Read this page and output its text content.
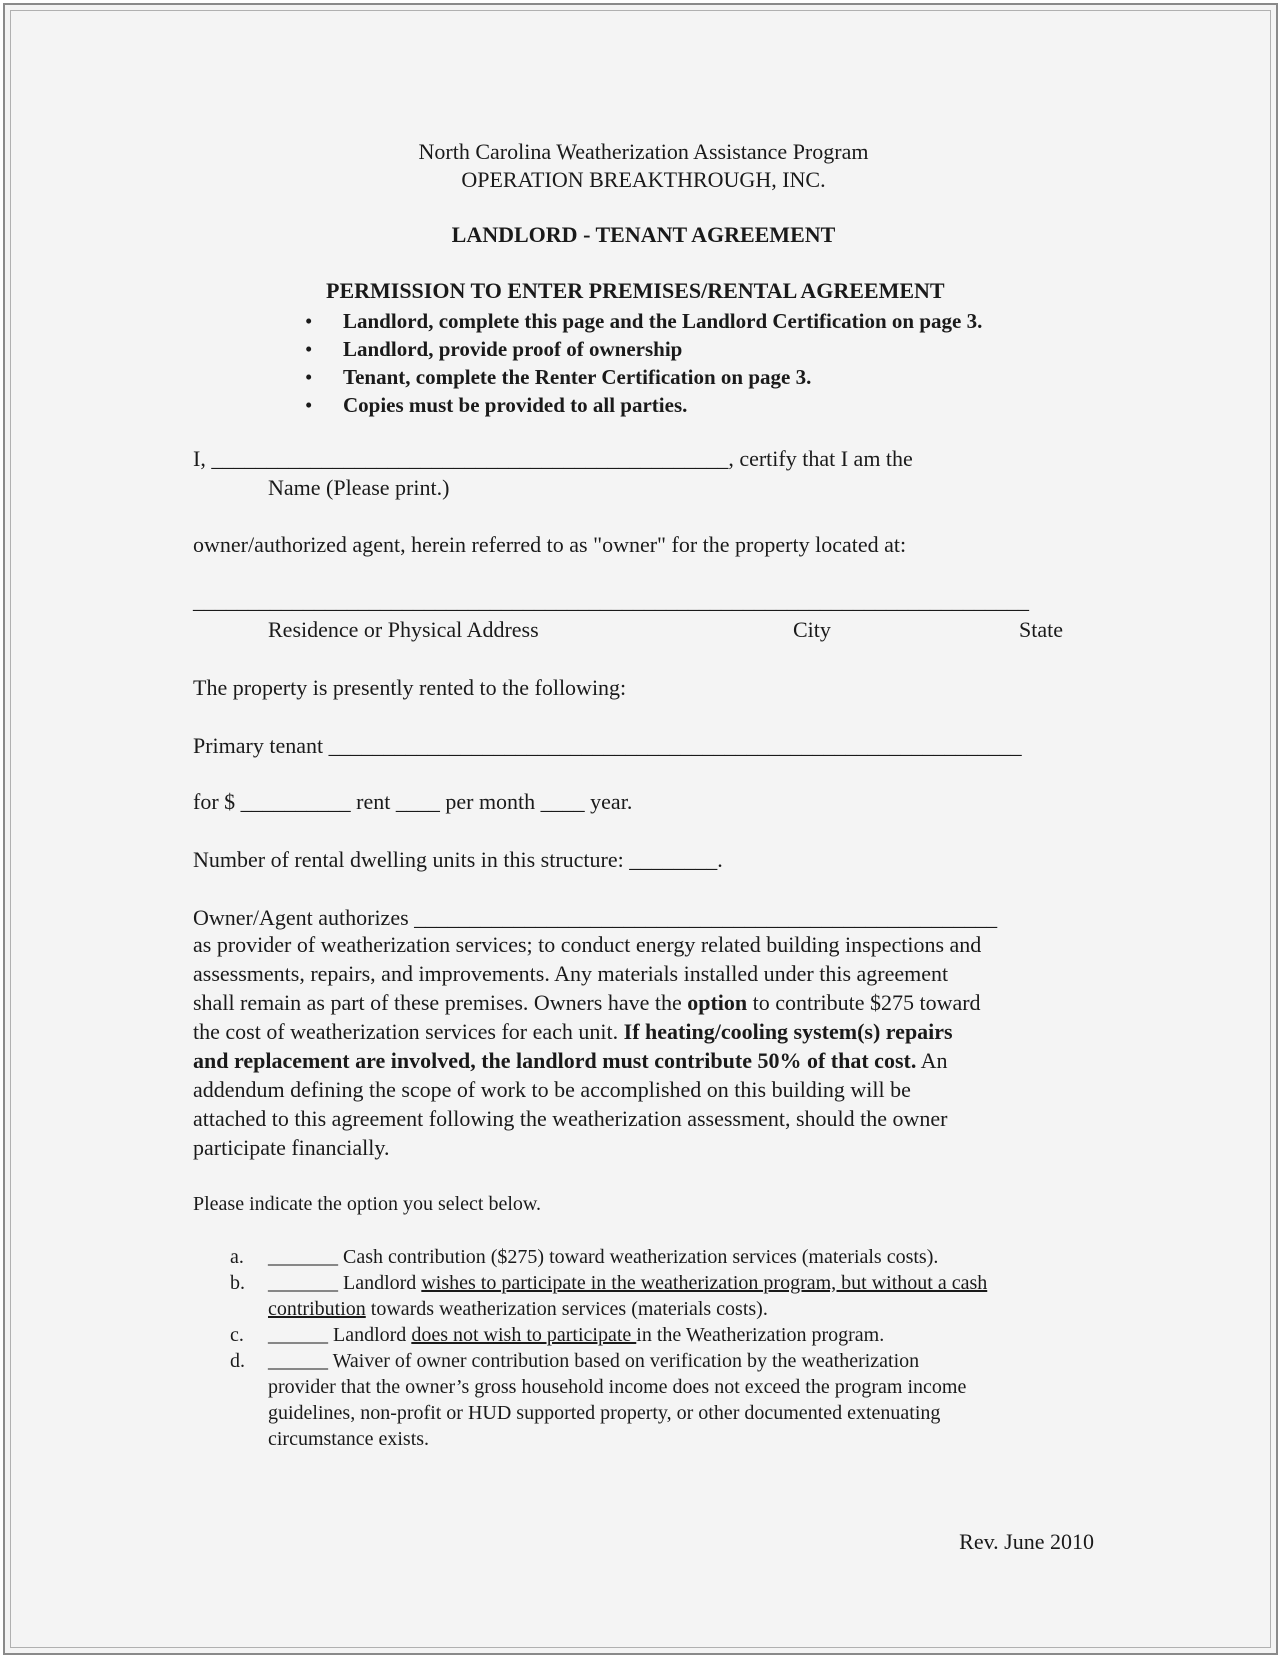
North Carolina Weatherization Assistance Program
OPERATION BREAKTHROUGH, INC.
LANDLORD - TENANT AGREEMENT
PERMISSION TO ENTER PREMISES/RENTAL AGREEMENT
• Landlord, complete this page and the Landlord Certification on page 3.
• Landlord, provide proof of ownership
• Tenant, complete the Renter Certification on page 3.
• Copies must be provided to all parties.
I, _______________________________________________, certify that I am the
Name (Please print.)
owner/authorized agent, herein referred to as "owner" for the property located at:
____________________________________________________________________________
Residence or Physical Address	City	State
The property is presently rented to the following:
Primary tenant _______________________________________________________________
for $ __________ rent ____ per month ____ year.
Number of rental dwelling units in this structure: ________.
Owner/Agent authorizes _____________________________________________________
as provider of weatherization services; to conduct energy related building inspections and
assessments, repairs, and improvements. Any materials installed under this agreement
shall remain as part of these premises. Owners have the option to contribute $275 toward
the cost of weatherization services for each unit. If heating/cooling system(s) repairs
and replacement are involved, the landlord must contribute 50% of that cost. An
addendum defining the scope of work to be accomplished on this building will be
attached to this agreement following the weatherization assessment, should the owner
participate financially.
Please indicate the option you select below.
a. _______ Cash contribution ($275) toward weatherization services (materials costs).
b. _______ Landlord wishes to participate in the weatherization program, but without a cash
contribution towards weatherization services (materials costs).
c. ______ Landlord does not wish to participate in the Weatherization program.
d. ______ Waiver of owner contribution based on verification by the weatherization
provider that the owner’s gross household income does not exceed the program income
guidelines, non-profit or HUD supported property, or other documented extenuating
circumstance exists.
Rev. June 2010
